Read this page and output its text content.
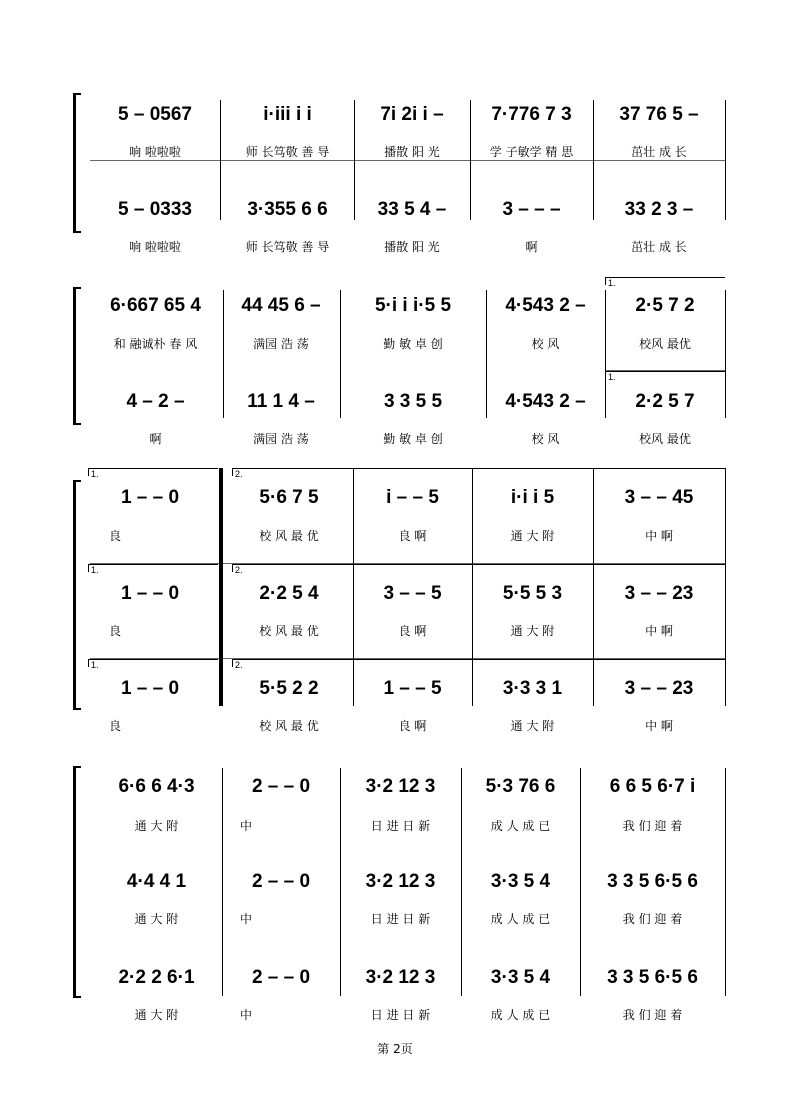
5 – 0567	i·iii i i	7i 2i i –	7·776 7 3	37 76 5 –
响 啦啦啦	师 长笃敬 善 导	播散 阳 光	学 子敏学 精 思	茁壮 成 长
5 – 0333	3·355 6 6	33 5 4 –	3 – – –	33 2 3 –
响 啦啦啦	师 长笃敬 善 导	播散 阳 光	啊	茁壮 成 长
1.
1.
6·667 65 4	44 45 6 –	5·i i i·5 5	4·543 2 –	2·5 7 2
和 融诚朴 春 风	满园 浩 荡	勤 敏 卓 创	校 风	校风 最优
4 – 2 –	11 1 4 –	3 3 5 5	4·543 2 –	2·2 5 7
啊	满园 浩 荡	勤 敏 卓 创	校 风	校风 最优
1.	2.
1.	2.
1.	2.
1 – – 0	5·6 7 5	i – – 5	i·i i 5	3 – – 45
良	校 风 最 优	良 啊	通 大 附	中 啊
1 – – 0	2·2 5 4	3 – – 5	5·5 5 3	3 – – 23
良	校 风 最 优	良 啊	通 大 附	中 啊
1 – – 0	5·5 2 2	1 – – 5	3·3 3 1	3 – – 23
良	校 风 最 优	良 啊	通 大 附	中 啊
6·6 6 4·3	2 – – 0	3·2 12 3	5·3 76 6	6 6 5 6·7 i
通 大 附	中	日 进 日 新	成 人 成 已	我 们 迎 着
4·4 4 1	2 – – 0	3·2 12 3	3·3 5 4	3 3 5 6·5 6
通 大 附	中	日 进 日 新	成 人 成 已	我 们 迎 着
2·2 2 6·1	2 – – 0	3·2 12 3	3·3 5 4	3 3 5 6·5 6
通 大 附	中	日 进 日 新	成 人 成 已	我 们 迎 着
第 2页
